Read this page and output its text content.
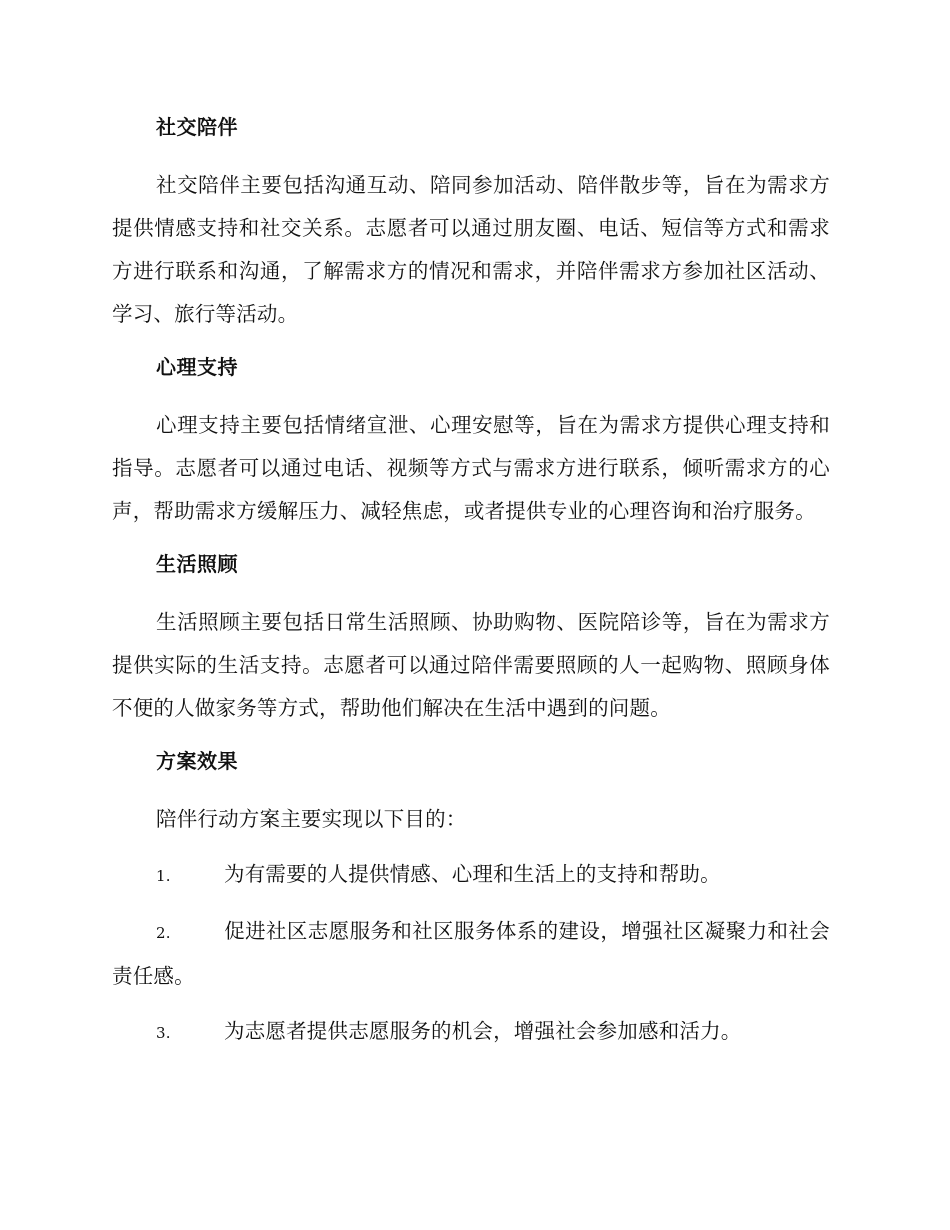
社交陪伴

社交陪伴主要包括沟通互动、陪同参加活动、陪伴散步等，旨在为需求方提供情感支持和社交关系。志愿者可以通过朋友圈、电话、短信等方式和需求方进行联系和沟通，了解需求方的情况和需求，并陪伴需求方参加社区活动、学习、旅行等活动。

心理支持

心理支持主要包括情绪宣泄、心理安慰等，旨在为需求方提供心理支持和指导。志愿者可以通过电话、视频等方式与需求方进行联系，倾听需求方的心声，帮助需求方缓解压力、减轻焦虑，或者提供专业的心理咨询和治疗服务。

生活照顾

生活照顾主要包括日常生活照顾、协助购物、医院陪诊等，旨在为需求方提供实际的生活支持。志愿者可以通过陪伴需要照顾的人一起购物、照顾身体不便的人做家务等方式，帮助他们解决在生活中遇到的问题。

方案效果

陪伴行动方案主要实现以下目的：

1.	为有需要的人提供情感、心理和生活上的支持和帮助。

2.	促进社区志愿服务和社区服务体系的建设，增强社区凝聚力和社会责任感。

3.	为志愿者提供志愿服务的机会，增强社会参加感和活力。
